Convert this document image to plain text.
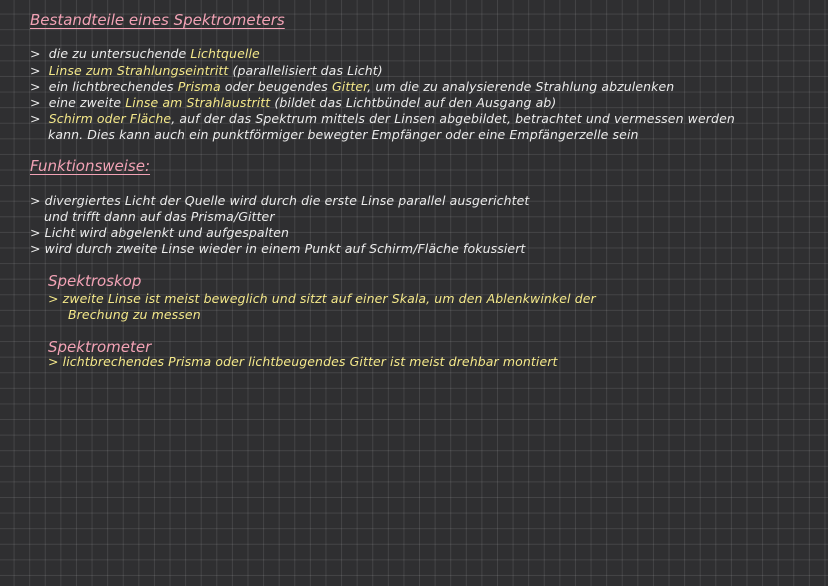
Bestandteile eines Spektrometers
> die zu untersuchende Lichtquelle
> Linse zum Strahlungseintritt (parallelisiert das Licht)
> ein lichtbrechendes Prisma oder beugendes Gitter, um die zu analysierende Strahlung abzulenken
> eine zweite Linse am Strahlaustritt (bildet das Lichtbündel auf den Ausgang ab)
> Schirm oder Fläche, auf der das Spektrum mittels der Linsen abgebildet, betrachtet und vermessen werden
kann. Dies kann auch ein punktförmiger bewegter Empfänger oder eine Empfängerzelle sein
Funktionsweise:
> divergiertes Licht der Quelle wird durch die erste Linse parallel ausgerichtet
und trifft dann auf das Prisma/Gitter
> Licht wird abgelenkt und aufgespalten
> wird durch zweite Linse wieder in einem Punkt auf Schirm/Fläche fokussiert
Spektroskop
> zweite Linse ist meist beweglich und sitzt auf einer Skala, um den Ablenkwinkel der
Brechung zu messen
Spektrometer
> lichtbrechendes Prisma oder lichtbeugendes Gitter ist meist drehbar montiert
